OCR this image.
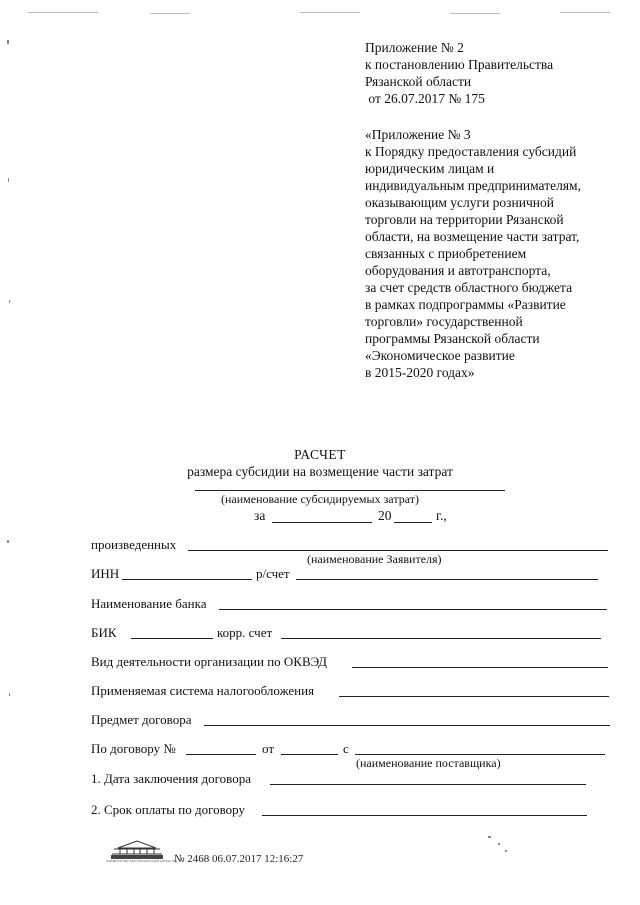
Приложение № 2
к постановлению Правительства
Рязанской области
от 26.07.2017 № 175
«Приложение № 3
к Порядку предоставления субсидий
юридическим лицам и
индивидуальным предпринимателям,
оказывающим услуги розничной
торговли на территории Рязанской
области, на возмещение части затрат,
связанных с приобретением
оборудования и автотранспорта,
за счет средств областного бюджета
в рамках подпрограммы «Развитие
торговли» государственной
программы Рязанской области
«Экономическое развитие
в 2015-2020 годах»
РАСЧЕТ
размера субсидии на возмещение части затрат
(наименование субсидируемых затрат)
за	20	г.,
произведенных
(наименование Заявителя)
ИНН	р/счет
Наименование банка
БИК	корр. счет
Вид деятельности организации по ОКВЭД
Применяемая система налогообложения
Предмет договора
По договору №	от	с
(наименование поставщика)
1. Дата заключения договора
2. Срок оплаты по договору
ПРАВИТЕЛЬСТВО РЯЗАНСКОЙ ОБЛАСТИ
№ 2468 06.07.2017 12:16:27
